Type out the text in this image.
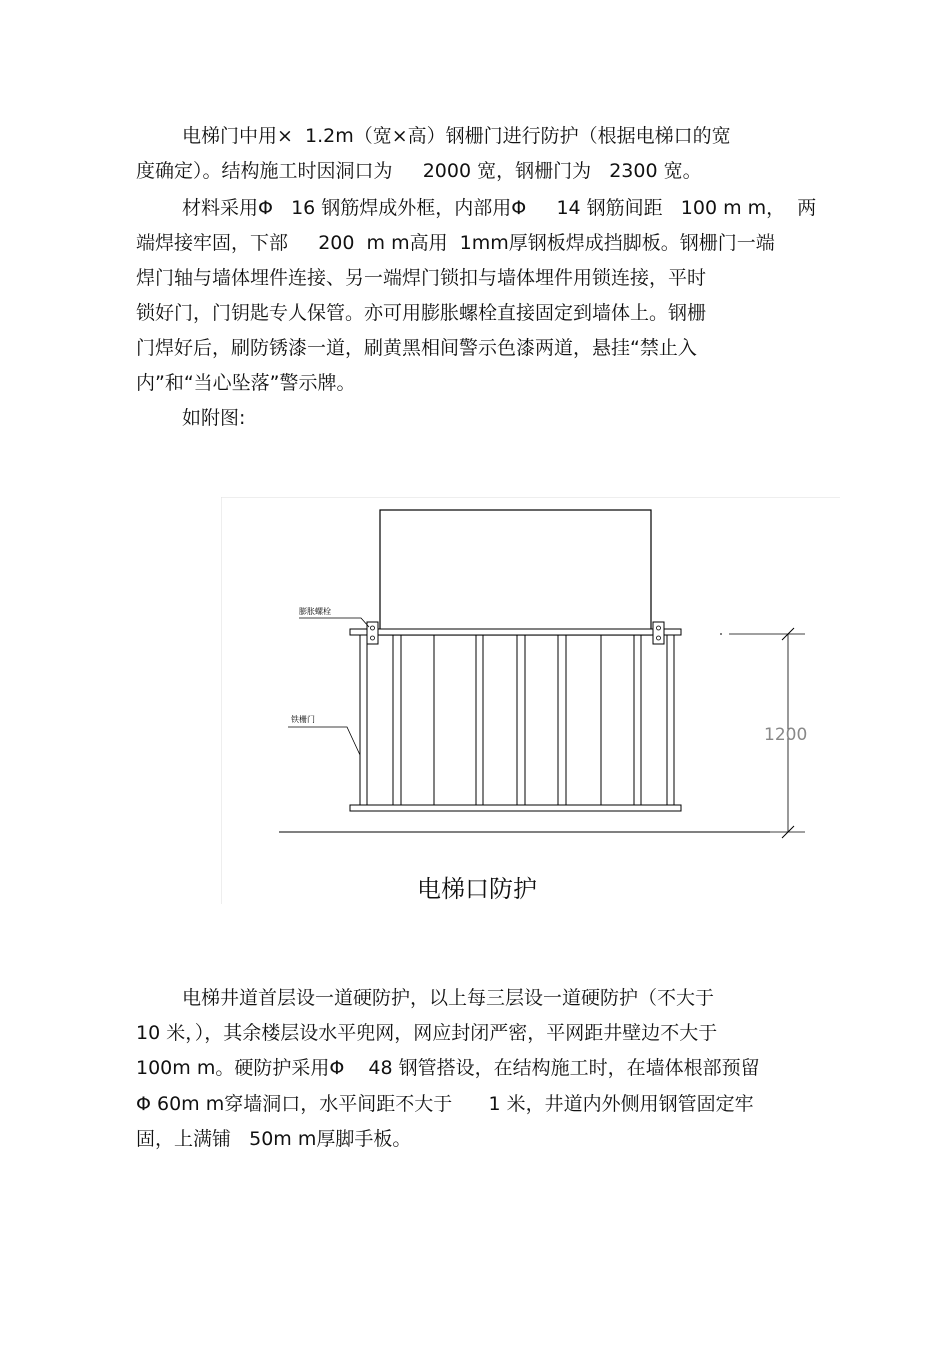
电梯门中用×  1.2m（宽×高）钢栅门进行防护（根据电梯口的宽
度确定）。结构施工时因洞口为     2000 宽，钢栅门为   2300 宽。
材料采用Φ   16 钢筋焊成外框，内部用Φ     14 钢筋间距   100 m m，  两
端焊接牢固，下部     200  m m高用  1mm厚钢板焊成挡脚板。钢栅门一端
焊门轴与墙体埋件连接、另一端焊门锁扣与墙体埋件用锁连接，平时
锁好门，门钥匙专人保管。亦可用膨胀螺栓直接固定到墙体上。钢栅
门焊好后，刷防锈漆一道，刷黄黑相间警示色漆两道，悬挂“禁止入
内”和“当心坠落”警示牌。
如附图:
膨胀螺栓
铁栅门
1200
电梯口防护
电梯井道首层设一道硬防护，以上每三层设一道硬防护（不大于
10 米，），其余楼层设水平兜网，网应封闭严密，平网距井壁边不大于
100m m。硬防护采用Φ    48 钢管搭设，在结构施工时，在墙体根部预留
Φ 60m m穿墙洞口，水平间距不大于      1 米，井道内外侧用钢管固定牢
固，上满铺   50m m厚脚手板。
